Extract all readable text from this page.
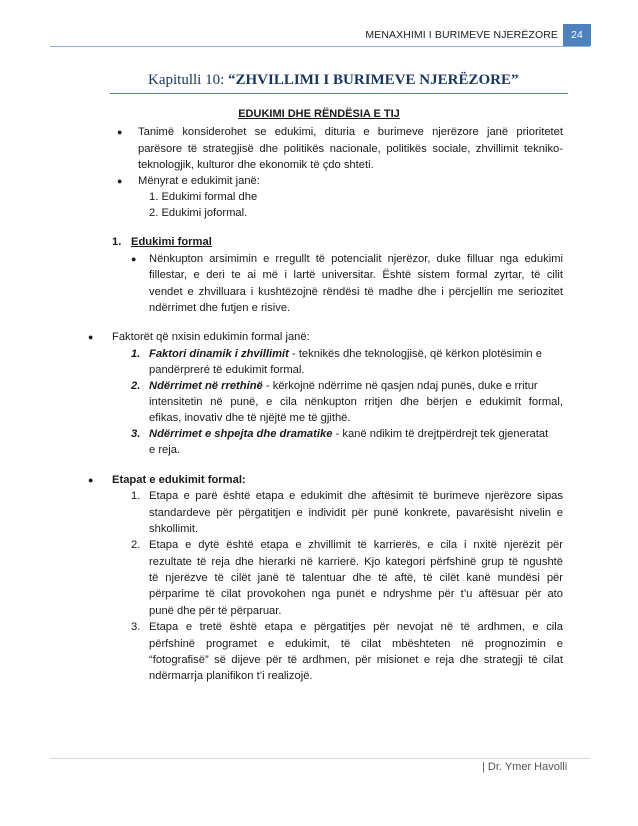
MENAXHIMI I BURIMEVE NJERËZORE	24
Kapitulli 10: “ZHVILLIMI I BURIMEVE NJERËZORE”
EDUKIMI DHE RËNDËSIA E TIJ
● Tanimë konsiderohet se edukimi, dituria e burimeve njerëzore janë prioritetet
parësore të strategjisë dhe politikës nacionale, politikës sociale, zhvillimit tekniko-
teknologjik, kulturor dhe ekonomik të çdo shteti.
● Mënyrat e edukimit janë:
1. Edukimi formal dhe
2. Edukimi joformal.
1. Edukimi formal
● Nënkupton arsimimin e rregullt të potencialit njerëzor, duke filluar nga edukimi
fillestar, e deri te ai më i lartë universitar. Është sistem formal zyrtar, të cilit
vendet e zhvilluara i kushtëzojnë rëndësi të madhe dhe i përcjellin me seriozitet
ndërrimet dhe futjen e risive.
● Faktorët që nxisin edukimin formal janë:
1. Faktori dinamik i zhvillimit - teknikës dhe teknologjisë, që kërkon plotësimin e
pandërpreré të edukimit formal.
2. Ndërrimet në rrethinë - kërkojnë ndërrime në qasjen ndaj punës, duke e rritur
intensitetin në punë, e cila nënkupton rritjen dhe bërjen e edukimit formal,
efikas, inovativ dhe të njëjtë me të gjithë.
3. Ndërrimet e shpejta dhe dramatike - kanë ndikim të drejtpërdrejt tek gjeneratat
e reja.
● Etapat e edukimit formal:
1. Etapa e parë është etapa e edukimit dhe aftësimit të burimeve njerëzore sipas
standardeve për përgatitjen e individit për punë konkrete, pavarësisht nivelin e
shkollimit.
2. Etapa e dytë është etapa e zhvillimit të karrierës, e cila i nxitë njerëzit për
rezultate të reja dhe hierarki në karrierë. Kjo kategori përfshinë grup të ngushtë
të njerëzve të cilët janë të talentuar dhe të aftë, të cilët kanë mundësi për
përparime të cilat provokohen nga punët e ndryshme për t’u aftësuar për ato
punë dhe për të përparuar.
3. Etapa e tretë është etapa e përgatitjes për nevojat në të ardhmen, e cila
përfshinë programet e edukimit, të cilat mbështeten në prognozimin e
“fotografisë” së dijeve për të ardhmen, për misionet e reja dhe strategji të cilat
ndërmarrja planifikon t’i realizojë.
| Dr. Ymer Havolli
